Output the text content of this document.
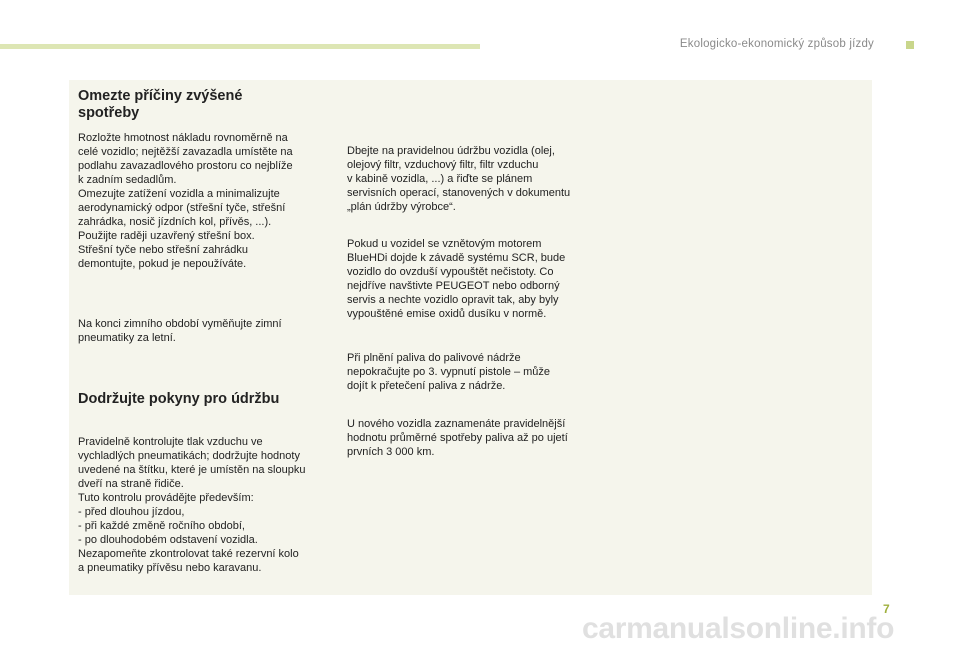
Ekologicko-ekonomický způsob jízdy
Omezte příčiny zvýšené
spotřeby
Rozložte hmotnost nákladu rovnoměrně na
celé vozidlo; nejtěžší zavazadla umístěte na
podlahu zavazadlového prostoru co nejblíže
k zadním sedadlům.
Omezujte zatížení vozidla a minimalizujte
aerodynamický odpor (střešní tyče, střešní
zahrádka, nosič jízdních kol, přívěs, ...).
Použijte raději uzavřený střešní box.
Střešní tyče nebo střešní zahrádku
demontujte, pokud je nepoužíváte.
Na konci zimního období vyměňujte zimní
pneumatiky za letní.
Dodržujte pokyny pro údržbu
Pravidelně kontrolujte tlak vzduchu ve
vychladlých pneumatikách; dodržujte hodnoty
uvedené na štítku, které je umístěn na sloupku
dveří na straně řidiče.
Tuto kontrolu provádějte především:
- před dlouhou jízdou,
- při každé změně ročního období,
- po dlouhodobém odstavení vozidla.
Nezapomeňte zkontrolovat také rezervní kolo
a pneumatiky přívěsu nebo karavanu.
Dbejte na pravidelnou údržbu vozidla (olej,
olejový filtr, vzduchový filtr, filtr vzduchu
v kabině vozidla, ...) a řiďte se plánem
servisních operací, stanovených v dokumentu
„plán údržby výrobce“.
Pokud u vozidel se vznětovým motorem
BlueHDi dojde k závadě systému SCR, bude
vozidlo do ovzduší vypouštět nečistoty. Co
nejdříve navštivte PEUGEOT nebo odborný
servis a nechte vozidlo opravit tak, aby byly
vypouštěné emise oxidů dusíku v normě.
Při plnění paliva do palivové nádrže
nepokračujte po 3. vypnutí pistole – může
dojít k přetečení paliva z nádrže.
U nového vozidla zaznamenáte pravidelnější
hodnotu průměrné spotřeby paliva až po ujetí
prvních 3 000 km.
7
carmanualsonline.info
